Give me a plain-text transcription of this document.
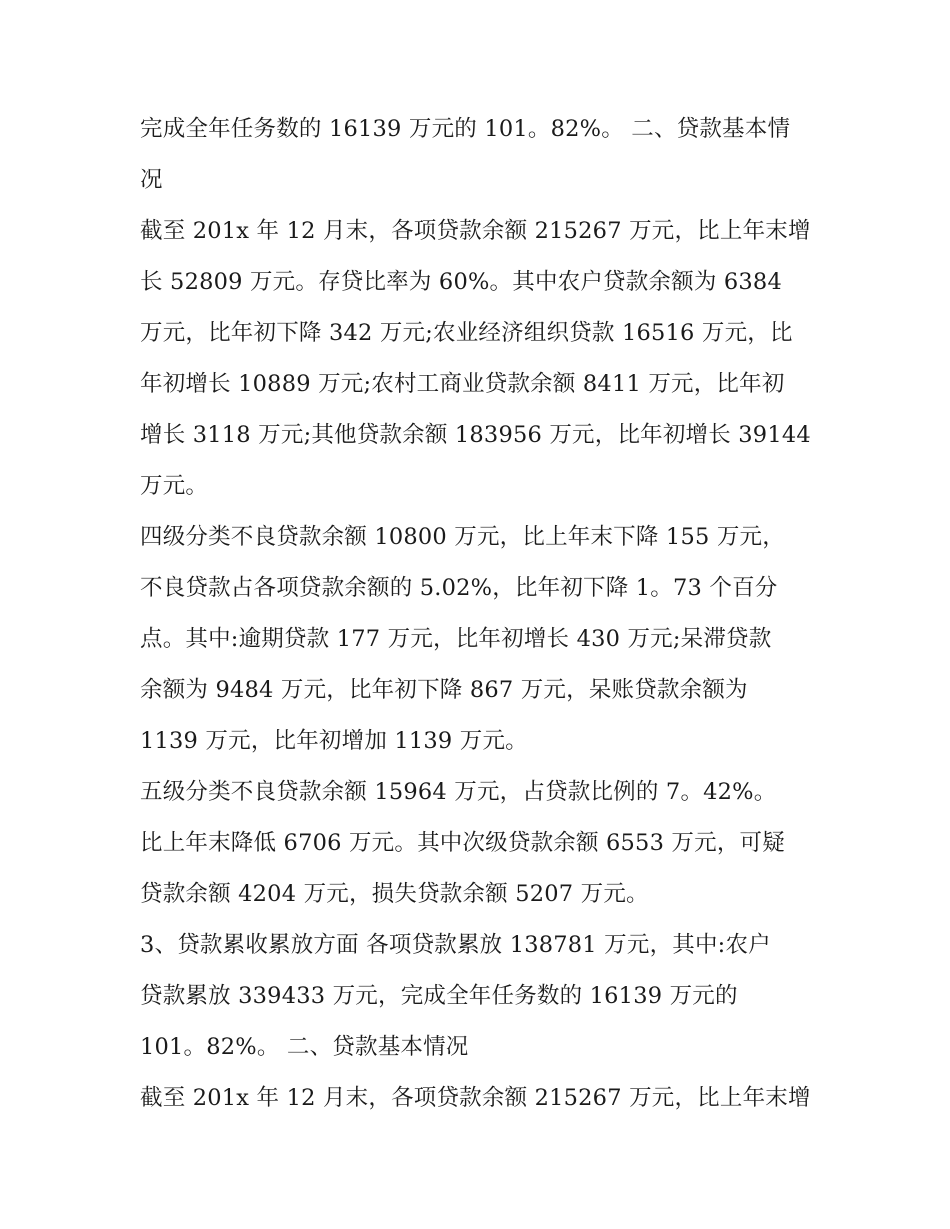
完成全年任务数的 16139 万元的 101。82%。 二、贷款基本情
况
截至 201x 年 12 月末，各项贷款余额 215267 万元，比上年末增
长 52809 万元。存贷比率为 60%。其中农户贷款余额为 6384
万元，比年初下降 342 万元;农业经济组织贷款 16516 万元，比
年初增长 10889 万元;农村工商业贷款余额 8411 万元，比年初
增长 3118 万元;其他贷款余额 183956 万元，比年初增长 39144
万元。
四级分类不良贷款余额 10800 万元，比上年末下降 155 万元，
不良贷款占各项贷款余额的 5.02%，比年初下降 1。73 个百分
点。其中:逾期贷款 177 万元，比年初增长 430 万元;呆滞贷款
余额为 9484 万元，比年初下降 867 万元，呆账贷款余额为
1139 万元，比年初增加 1139 万元。
五级分类不良贷款余额 15964 万元，占贷款比例的 7。42%。
比上年末降低 6706 万元。其中次级贷款余额 6553 万元，可疑
贷款余额 4204 万元，损失贷款余额 5207 万元。
3、贷款累收累放方面 各项贷款累放 138781 万元，其中:农户
贷款累放 339433 万元，完成全年任务数的 16139 万元的
101。82%。 二、贷款基本情况
截至 201x 年 12 月末，各项贷款余额 215267 万元，比上年末增
